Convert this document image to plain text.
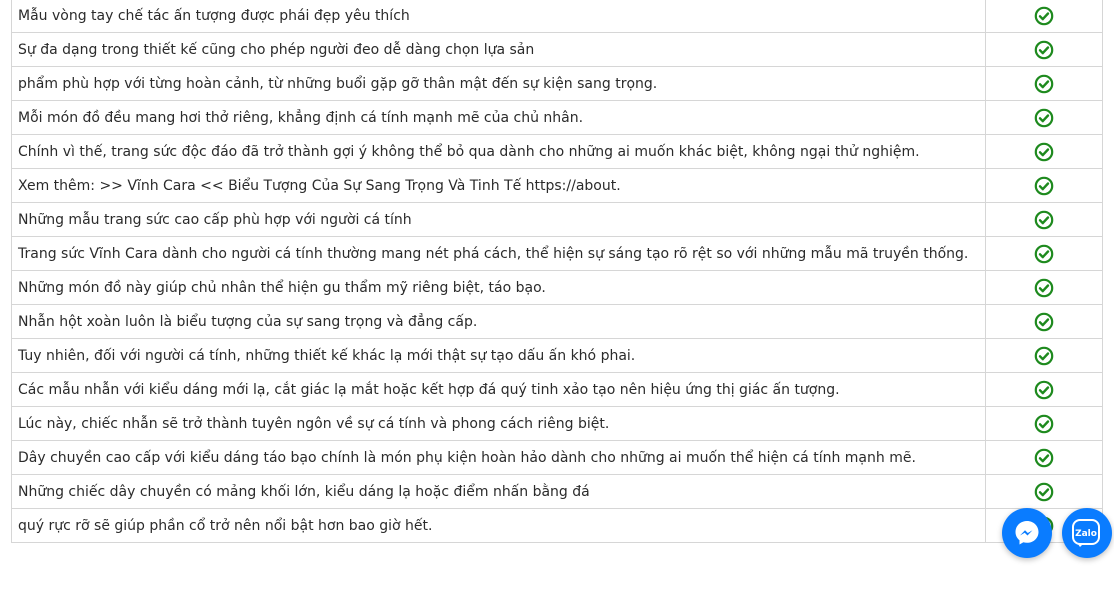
Mẫu vòng tay chế tác ấn tượng được phái đẹp yêu thích	
Sự đa dạng trong thiết kế cũng cho phép người đeo dễ dàng chọn lựa sản	
phẩm phù hợp với từng hoàn cảnh, từ những buổi gặp gỡ thân mật đến sự kiện sang trọng.	
Mỗi món đồ đều mang hơi thở riêng, khẳng định cá tính mạnh mẽ của chủ nhân.	
Chính vì thế, trang sức độc đáo đã trở thành gợi ý không thể bỏ qua dành cho những ai muốn khác biệt, không ngại thử nghiệm.	
Xem thêm: >> Vĩnh Cara << Biểu Tượng Của Sự Sang Trọng Và Tinh Tế https://about.	
Những mẫu trang sức cao cấp phù hợp với người cá tính	
Trang sức Vĩnh Cara dành cho người cá tính thường mang nét phá cách, thể hiện sự sáng tạo rõ rệt so với những mẫu mã truyền thống.	
Những món đồ này giúp chủ nhân thể hiện gu thẩm mỹ riêng biệt, táo bạo.	
Nhẫn hột xoàn luôn là biểu tượng của sự sang trọng và đẳng cấp.	
Tuy nhiên, đối với người cá tính, những thiết kế khác lạ mới thật sự tạo dấu ấn khó phai.	
Các mẫu nhẫn với kiểu dáng mới lạ, cắt giác lạ mắt hoặc kết hợp đá quý tinh xảo tạo nên hiệu ứng thị giác ấn tượng.	
Lúc này, chiếc nhẫn sẽ trở thành tuyên ngôn về sự cá tính và phong cách riêng biệt.	
Dây chuyền cao cấp với kiểu dáng táo bạo chính là món phụ kiện hoàn hảo dành cho những ai muốn thể hiện cá tính mạnh mẽ.	
Những chiếc dây chuyền có mảng khối lớn, kiểu dáng lạ hoặc điểm nhấn bằng đá	
quý rực rỡ sẽ giúp phần cổ trở nên nổi bật hơn bao giờ hết.	
Zalo
